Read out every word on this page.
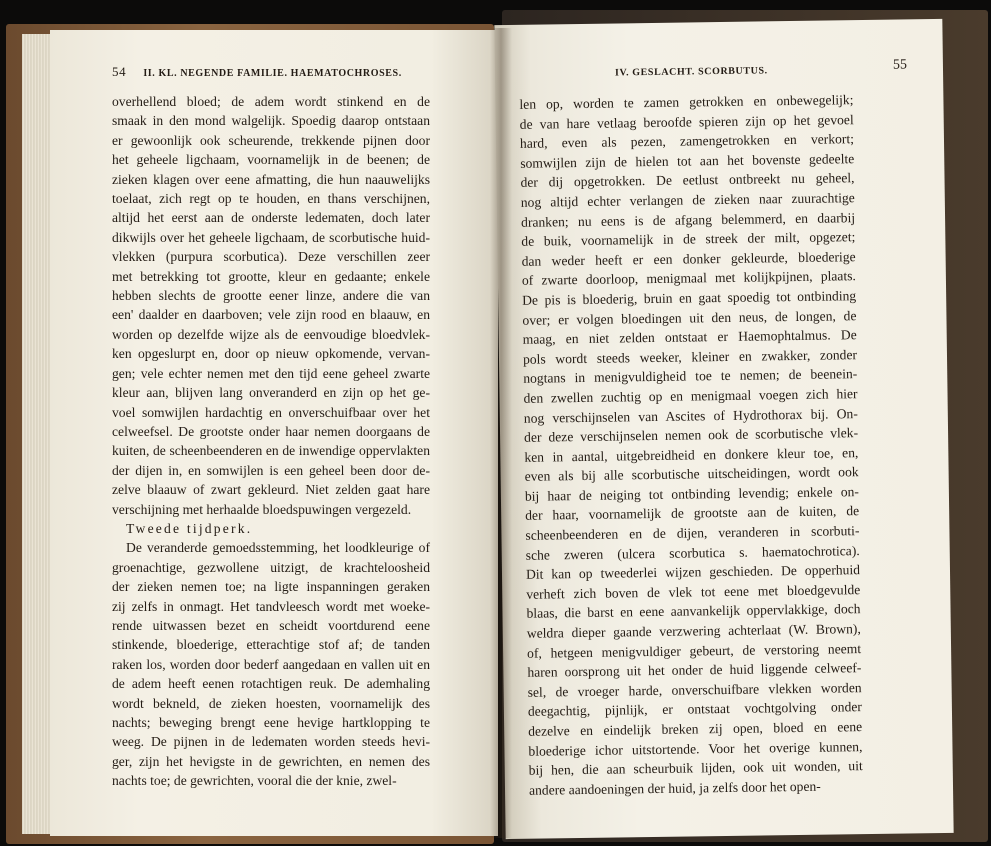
54 II. KL. NEGENDE FAMILIE. HAEMATOCHROSES.
overhellend bloed; de adem wordt stinkend en de
smaak in den mond walgelijk. Spoedig daarop ontstaan
er gewoonlijk ook scheurende, trekkende pijnen door
het geheele ligchaam, voornamelijk in de beenen; de
zieken klagen over eene afmatting, die hun naauwelijks
toelaat, zich regt op te houden, en thans verschijnen,
altijd het eerst aan de onderste ledematen, doch later
dikwijls over het geheele ligchaam, de scorbutische huid-
vlekken (purpura scorbutica). Deze verschillen zeer
met betrekking tot grootte, kleur en gedaante; enkele
hebben slechts de grootte eener linze, andere die van
een' daalder en daarboven; vele zijn rood en blaauw, en
worden op dezelfde wijze als de eenvoudige bloedvlek-
ken opgeslurpt en, door op nieuw opkomende, vervan-
gen; vele echter nemen met den tijd eene geheel zwarte
kleur aan, blijven lang onveranderd en zijn op het ge-
voel somwijlen hardachtig en onverschuifbaar over het
celweefsel. De grootste onder haar nemen doorgaans de
kuiten, de scheenbeenderen en de inwendige oppervlakten
der dijen in, en somwijlen is een geheel been door de-
zelve blaauw of zwart gekleurd. Niet zelden gaat hare
verschijning met herhaalde bloedspuwingen vergezeld.
Tweede tijdperk.
De veranderde gemoedsstemming, het loodkleurige of
groenachtige, gezwollene uitzigt, de krachteloosheid
der zieken nemen toe; na ligte inspanningen geraken
zij zelfs in onmagt. Het tandvleesch wordt met woeke-
rende uitwassen bezet en scheidt voortdurend eene
stinkende, bloederige, etterachtige stof af; de tanden
raken los, worden door bederf aangedaan en vallen uit en
de adem heeft eenen rotachtigen reuk. De ademhaling
wordt bekneld, de zieken hoesten, voornamelijk des
nachts; beweging brengt eene hevige hartklopping te
weeg. De pijnen in de ledematen worden steeds hevi-
ger, zijn het hevigste in de gewrichten, en nemen des
nachts toe; de gewrichten, vooral die der knie, zwel-
IV. GESLACHT. SCORBUTUS.	55
len op, worden te zamen getrokken en onbewegelijk;
de van hare vetlaag beroofde spieren zijn op het gevoel
hard, even als pezen, zamengetrokken en verkort;
somwijlen zijn de hielen tot aan het bovenste gedeelte
der dij opgetrokken. De eetlust ontbreekt nu geheel,
nog altijd echter verlangen de zieken naar zuurachtige
dranken; nu eens is de afgang belemmerd, en daarbij
de buik, voornamelijk in de streek der milt, opgezet;
dan weder heeft er een donker gekleurde, bloederige
of zwarte doorloop, menigmaal met kolijkpijnen, plaats.
De pis is bloederig, bruin en gaat spoedig tot ontbinding
over; er volgen bloedingen uit den neus, de longen, de
maag, en niet zelden ontstaat er Haemophtalmus. De
pols wordt steeds weeker, kleiner en zwakker, zonder
nogtans in menigvuldigheid toe te nemen; de beenein-
den zwellen zuchtig op en menigmaal voegen zich hier
nog verschijnselen van Ascites of Hydrothorax bij. On-
der deze verschijnselen nemen ook de scorbutische vlek-
ken in aantal, uitgebreidheid en donkere kleur toe, en,
even als bij alle scorbutische uitscheidingen, wordt ook
bij haar de neiging tot ontbinding levendig; enkele on-
der haar, voornamelijk de grootste aan de kuiten, de
scheenbeenderen en de dijen, veranderen in scorbuti-
sche zweren (ulcera scorbutica s. haematochrotica).
Dit kan op tweederlei wijzen geschieden. De opperhuid
verheft zich boven de vlek tot eene met bloedgevulde
blaas, die barst en eene aanvankelijk oppervlakkige, doch
weldra dieper gaande verzwering achterlaat (W. Brown),
of, hetgeen menigvuldiger gebeurt, de verstoring neemt
haren oorsprong uit het onder de huid liggende celweef-
sel, de vroeger harde, onverschuifbare vlekken worden
deegachtig, pijnlijk, er ontstaat vochtgolving onder
dezelve en eindelijk breken zij open, bloed en eene
bloederige ichor uitstortende. Voor het overige kunnen,
bij hen, die aan scheurbuik lijden, ook uit wonden, uit
andere aandoeningen der huid, ja zelfs door het open-
